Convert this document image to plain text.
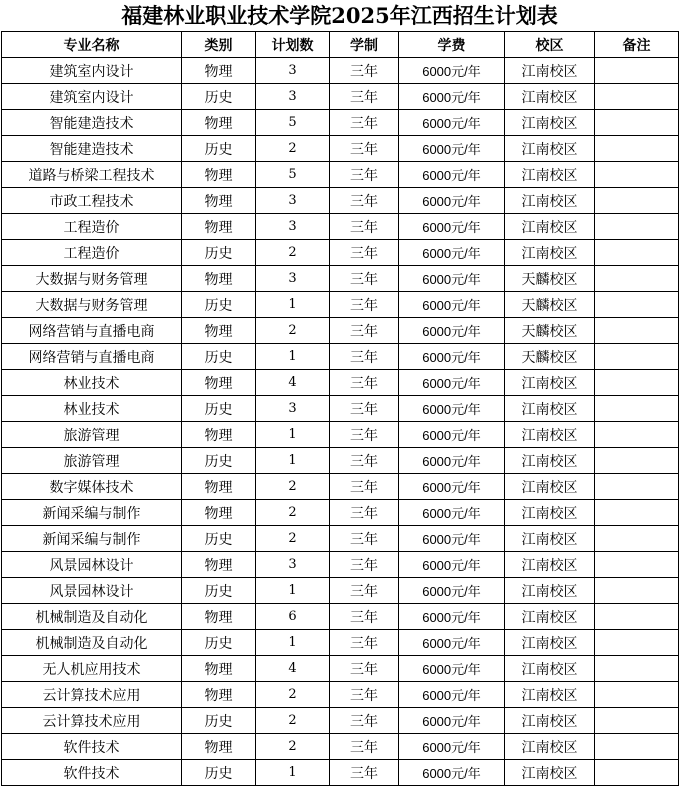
福建林业职业技术学院2025年江西招生计划表
专业名称	类别	计划数	学制	学费	校区	备注
建筑室内设计	物理	3	三年	6000元/年	江南校区	
建筑室内设计	历史	3	三年	6000元/年	江南校区	
智能建造技术	物理	5	三年	6000元/年	江南校区	
智能建造技术	历史	2	三年	6000元/年	江南校区	
道路与桥梁工程技术	物理	5	三年	6000元/年	江南校区	
市政工程技术	物理	3	三年	6000元/年	江南校区	
工程造价	物理	3	三年	6000元/年	江南校区	
工程造价	历史	2	三年	6000元/年	江南校区	
大数据与财务管理	物理	3	三年	6000元/年	天麟校区	
大数据与财务管理	历史	1	三年	6000元/年	天麟校区	
网络营销与直播电商	物理	2	三年	6000元/年	天麟校区	
网络营销与直播电商	历史	1	三年	6000元/年	天麟校区	
林业技术	物理	4	三年	6000元/年	江南校区	
林业技术	历史	3	三年	6000元/年	江南校区	
旅游管理	物理	1	三年	6000元/年	江南校区	
旅游管理	历史	1	三年	6000元/年	江南校区	
数字媒体技术	物理	2	三年	6000元/年	江南校区	
新闻采编与制作	物理	2	三年	6000元/年	江南校区	
新闻采编与制作	历史	2	三年	6000元/年	江南校区	
风景园林设计	物理	3	三年	6000元/年	江南校区	
风景园林设计	历史	1	三年	6000元/年	江南校区	
机械制造及自动化	物理	6	三年	6000元/年	江南校区	
机械制造及自动化	历史	1	三年	6000元/年	江南校区	
无人机应用技术	物理	4	三年	6000元/年	江南校区	
云计算技术应用	物理	2	三年	6000元/年	江南校区	
云计算技术应用	历史	2	三年	6000元/年	江南校区	
软件技术	物理	2	三年	6000元/年	江南校区	
软件技术	历史	1	三年	6000元/年	江南校区	
